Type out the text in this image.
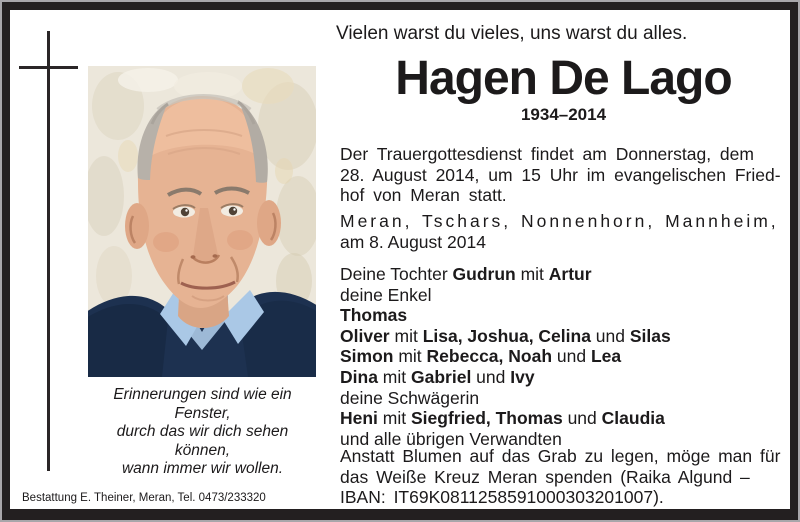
Vielen warst du vieles, uns warst du alles.
Hagen De Lago
1934–2014
Der Trauergottesdienst findet am Donnerstag, dem
28. August 2014, um 15 Uhr im evangelischen Fried-
hof von Meran statt.
Meran, Tschars, Nonnenhorn, Mannheim,
am 8. August 2014
Deine Tochter Gudrun mit Artur
deine Enkel
Thomas
Oliver mit Lisa, Joshua, Celina und Silas
Simon mit Rebecca, Noah und Lea
Dina mit Gabriel und Ivy
deine Schwägerin
Heni mit Siegfried, Thomas und Claudia
und alle übrigen Verwandten
Anstatt Blumen auf das Grab zu legen, möge man für
das Weiße Kreuz Meran spenden (Raika Algund –
IBAN: IT69K0811258591000303201007).
Erinnerungen sind wie ein Fenster,
durch das wir dich sehen können,
wann immer wir wollen.
Bestattung E. Theiner, Meran, Tel. 0473/233320
